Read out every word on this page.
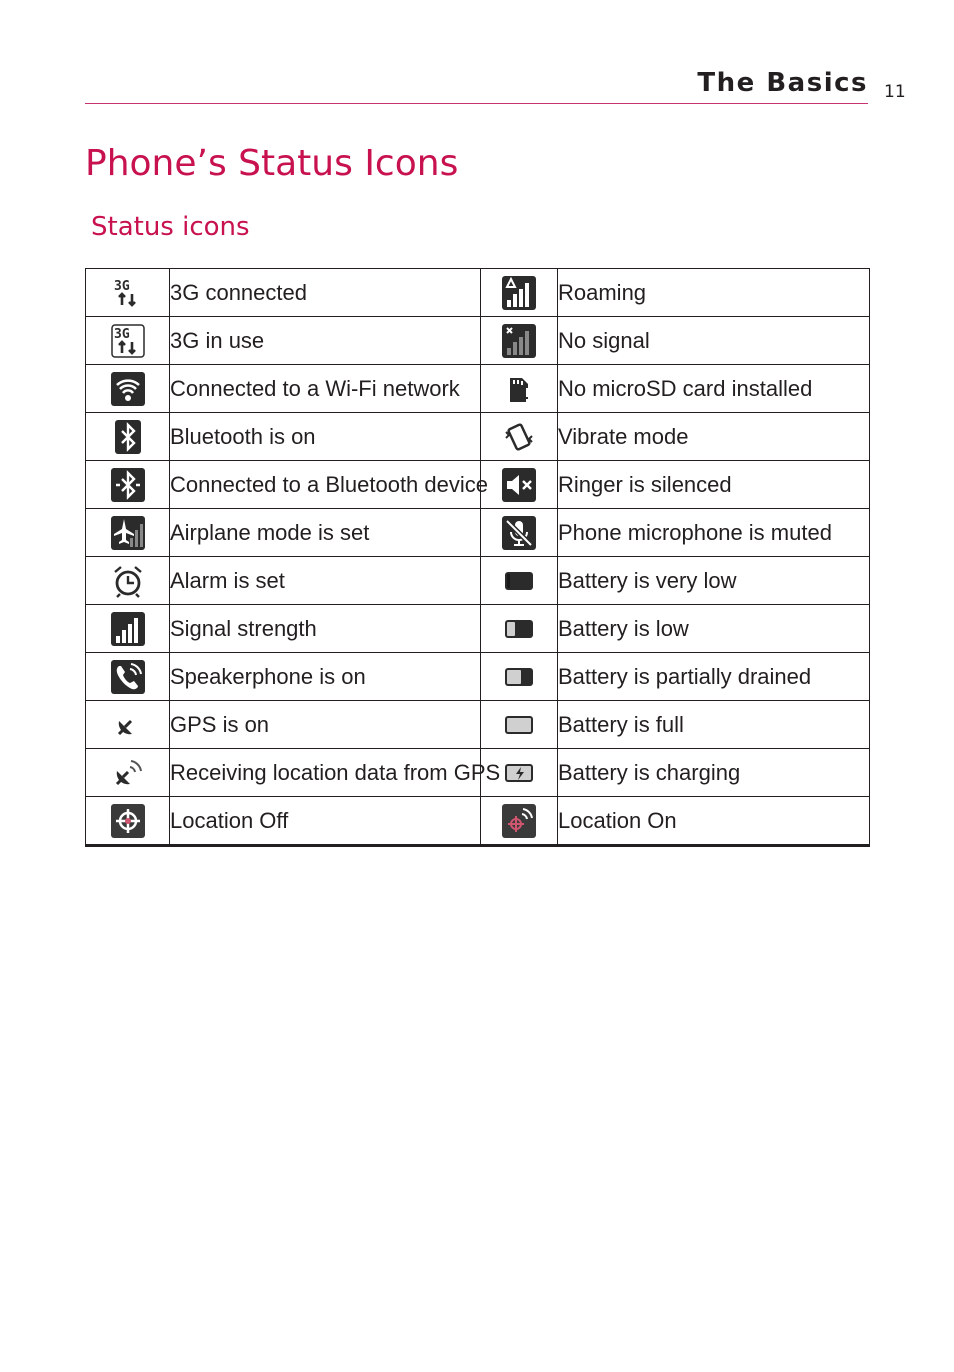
The Basics 11
Phone’s Status Icons
Status icons
3G	3G connected		Roaming

3G	3G in use		No signal

	Connected to a Wi-Fi network		No microSD card installed

	Bluetooth is on		Vibrate mode

	Connected to a Bluetooth device		Ringer is silenced

	Airplane mode is set		Phone microphone is muted

	Alarm is set		Battery is very low

	Signal strength		Battery is low

	Speakerphone is on		Battery is partially drained

	GPS is on		Battery is full

	Receiving location data from GPS		Battery is charging

	Location Off		Location On
